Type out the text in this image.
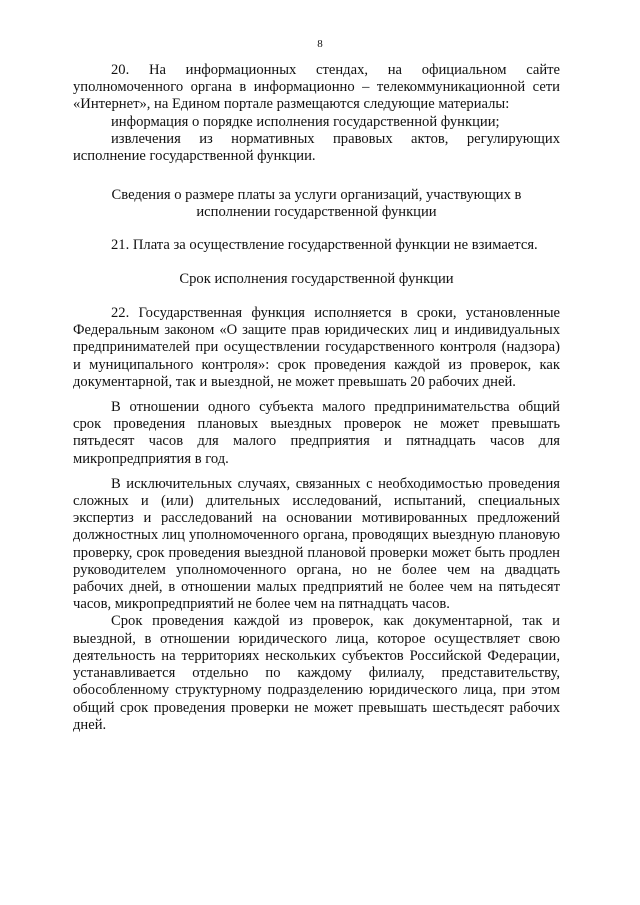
8

20. На информационных стендах, на официальном сайте уполномоченного органа в информационно – телекоммуникационной сети «Интернет», на Едином портале размещаются следующие материалы:

информация о порядке исполнения государственной функции;

извлечения из нормативных правовых актов, регулирующих исполнение государственной функции.

Сведения о размере платы за услуги организаций, участвующих в исполнении государственной функции

21. Плата за осуществление государственной функции не взимается.

Срок исполнения государственной функции

22. Государственная функция исполняется в сроки, установленные Федеральным законом «О защите прав юридических лиц и индивидуальных предпринимателей при осуществлении государственного контроля (надзора) и муниципального контроля»: срок проведения каждой из проверок, как документарной, так и выездной, не может превышать 20 рабочих дней.

В отношении одного субъекта малого предпринимательства общий срок проведения плановых выездных проверок не может превышать пятьдесят часов для малого предприятия и пятнадцать часов для микропредприятия в год.

В исключительных случаях, связанных с необходимостью проведения сложных и (или) длительных исследований, испытаний, специальных экспертиз и расследований на основании мотивированных предложений должностных лиц уполномоченного органа, проводящих выездную плановую проверку, срок проведения выездной плановой проверки может быть продлен руководителем уполномоченного органа, но не более чем на двадцать рабочих дней, в отношении малых предприятий не более чем на пятьдесят часов, микропредприятий не более чем на пятнадцать часов.

Срок проведения каждой из проверок, как документарной, так и выездной, в отношении юридического лица, которое осуществляет свою деятельность на территориях нескольких субъектов Российской Федерации, устанавливается отдельно по каждому филиалу, представительству, обособленному структурному подразделению юридического лица, при этом общий срок проведения проверки не может превышать шестьдесят рабочих дней.
